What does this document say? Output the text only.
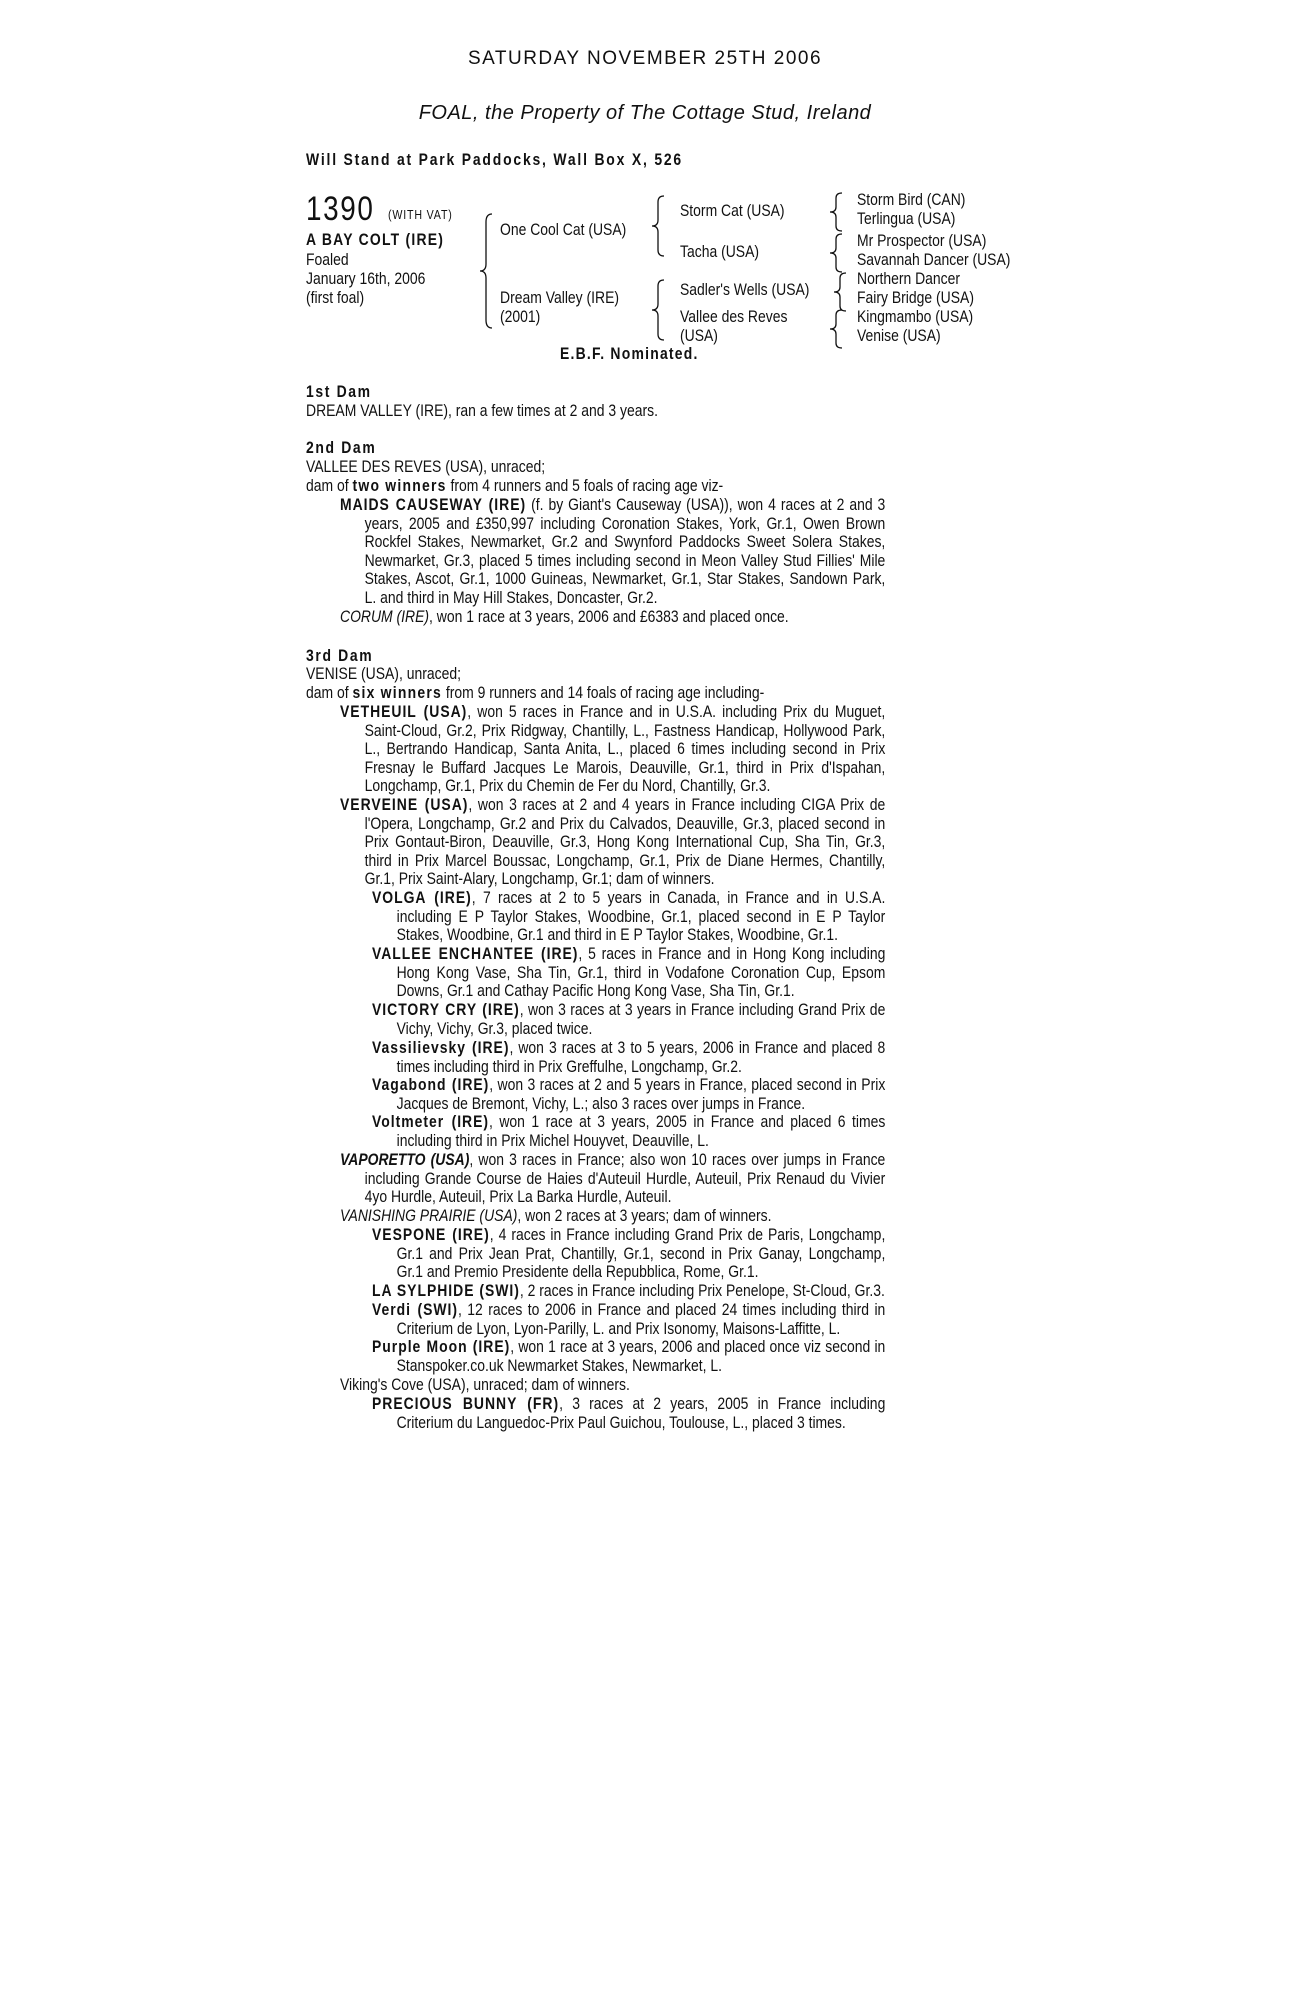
SATURDAY NOVEMBER 25TH 2006
FOAL, the Property of The Cottage Stud, Ireland
Will Stand at Park Paddocks, Wall Box X, 526
1390 (WITH VAT)
A BAY COLT (IRE)
Foaled
January 16th, 2006
(first foal)
One Cool Cat (USA)
Dream Valley (IRE)
(2001)
Storm Cat (USA)
Tacha (USA)
Sadler's Wells (USA)
Vallee des Reves
(USA)
Storm Bird (CAN)
Terlingua (USA)
Mr Prospector (USA)
Savannah Dancer (USA)
Northern Dancer
Fairy Bridge (USA)
Kingmambo (USA)
Venise (USA)
E.B.F. Nominated.
1st Dam
DREAM VALLEY (IRE), ran a few times at 2 and 3 years.
2nd Dam
VALLEE DES REVES (USA), unraced;
dam of two winners from 4 runners and 5 foals of racing age viz-
MAIDS CAUSEWAY (IRE) (f. by Giant's Causeway (USA)), won 4 races at 2 and 3 years, 2005 and £350,997 including Coronation Stakes, York, Gr.1, Owen Brown Rockfel Stakes, Newmarket, Gr.2 and Swynford Paddocks Sweet Solera Stakes, Newmarket, Gr.3, placed 5 times including second in Meon Valley Stud Fillies' Mile Stakes, Ascot, Gr.1, 1000 Guineas, Newmarket, Gr.1, Star Stakes, Sandown Park, L. and third in May Hill Stakes, Doncaster, Gr.2.
CORUM (IRE), won 1 race at 3 years, 2006 and £6383 and placed once.
3rd Dam
VENISE (USA), unraced;
dam of six winners from 9 runners and 14 foals of racing age including-
VETHEUIL (USA), won 5 races in France and in U.S.A. including Prix du Muguet, Saint-Cloud, Gr.2, Prix Ridgway, Chantilly, L., Fastness Handicap, Hollywood Park, L., Bertrando Handicap, Santa Anita, L., placed 6 times including second in Prix Fresnay le Buffard Jacques Le Marois, Deauville, Gr.1, third in Prix d'Ispahan, Longchamp, Gr.1, Prix du Chemin de Fer du Nord, Chantilly, Gr.3.
VERVEINE (USA), won 3 races at 2 and 4 years in France including CIGA Prix de l'Opera, Longchamp, Gr.2 and Prix du Calvados, Deauville, Gr.3, placed second in Prix Gontaut-Biron, Deauville, Gr.3, Hong Kong International Cup, Sha Tin, Gr.3, third in Prix Marcel Boussac, Longchamp, Gr.1, Prix de Diane Hermes, Chantilly, Gr.1, Prix Saint-Alary, Longchamp, Gr.1; dam of winners.
VOLGA (IRE), 7 races at 2 to 5 years in Canada, in France and in U.S.A. including E P Taylor Stakes, Woodbine, Gr.1, placed second in E P Taylor Stakes, Woodbine, Gr.1 and third in E P Taylor Stakes, Woodbine, Gr.1.
VALLEE ENCHANTEE (IRE), 5 races in France and in Hong Kong including Hong Kong Vase, Sha Tin, Gr.1, third in Vodafone Coronation Cup, Epsom Downs, Gr.1 and Cathay Pacific Hong Kong Vase, Sha Tin, Gr.1.
VICTORY CRY (IRE), won 3 races at 3 years in France including Grand Prix de Vichy, Vichy, Gr.3, placed twice.
Vassilievsky (IRE), won 3 races at 3 to 5 years, 2006 in France and placed 8 times including third in Prix Greffulhe, Longchamp, Gr.2.
Vagabond (IRE), won 3 races at 2 and 5 years in France, placed second in Prix Jacques de Bremont, Vichy, L.; also 3 races over jumps in France.
Voltmeter (IRE), won 1 race at 3 years, 2005 in France and placed 6 times including third in Prix Michel Houyvet, Deauville, L.
VAPORETTO (USA), won 3 races in France; also won 10 races over jumps in France including Grande Course de Haies d'Auteuil Hurdle, Auteuil, Prix Renaud du Vivier 4yo Hurdle, Auteuil, Prix La Barka Hurdle, Auteuil.
VANISHING PRAIRIE (USA), won 2 races at 3 years; dam of winners.
VESPONE (IRE), 4 races in France including Grand Prix de Paris, Longchamp, Gr.1 and Prix Jean Prat, Chantilly, Gr.1, second in Prix Ganay, Longchamp, Gr.1 and Premio Presidente della Repubblica, Rome, Gr.1.
LA SYLPHIDE (SWI), 2 races in France including Prix Penelope, St-Cloud, Gr.3.
Verdi (SWI), 12 races to 2006 in France and placed 24 times including third in Criterium de Lyon, Lyon-Parilly, L. and Prix Isonomy, Maisons-Laffitte, L.
Purple Moon (IRE), won 1 race at 3 years, 2006 and placed once viz second in Stanspoker.co.uk Newmarket Stakes, Newmarket, L.
Viking's Cove (USA), unraced; dam of winners.
PRECIOUS BUNNY (FR), 3 races at 2 years, 2005 in France including Criterium du Languedoc-Prix Paul Guichou, Toulouse, L., placed 3 times.
